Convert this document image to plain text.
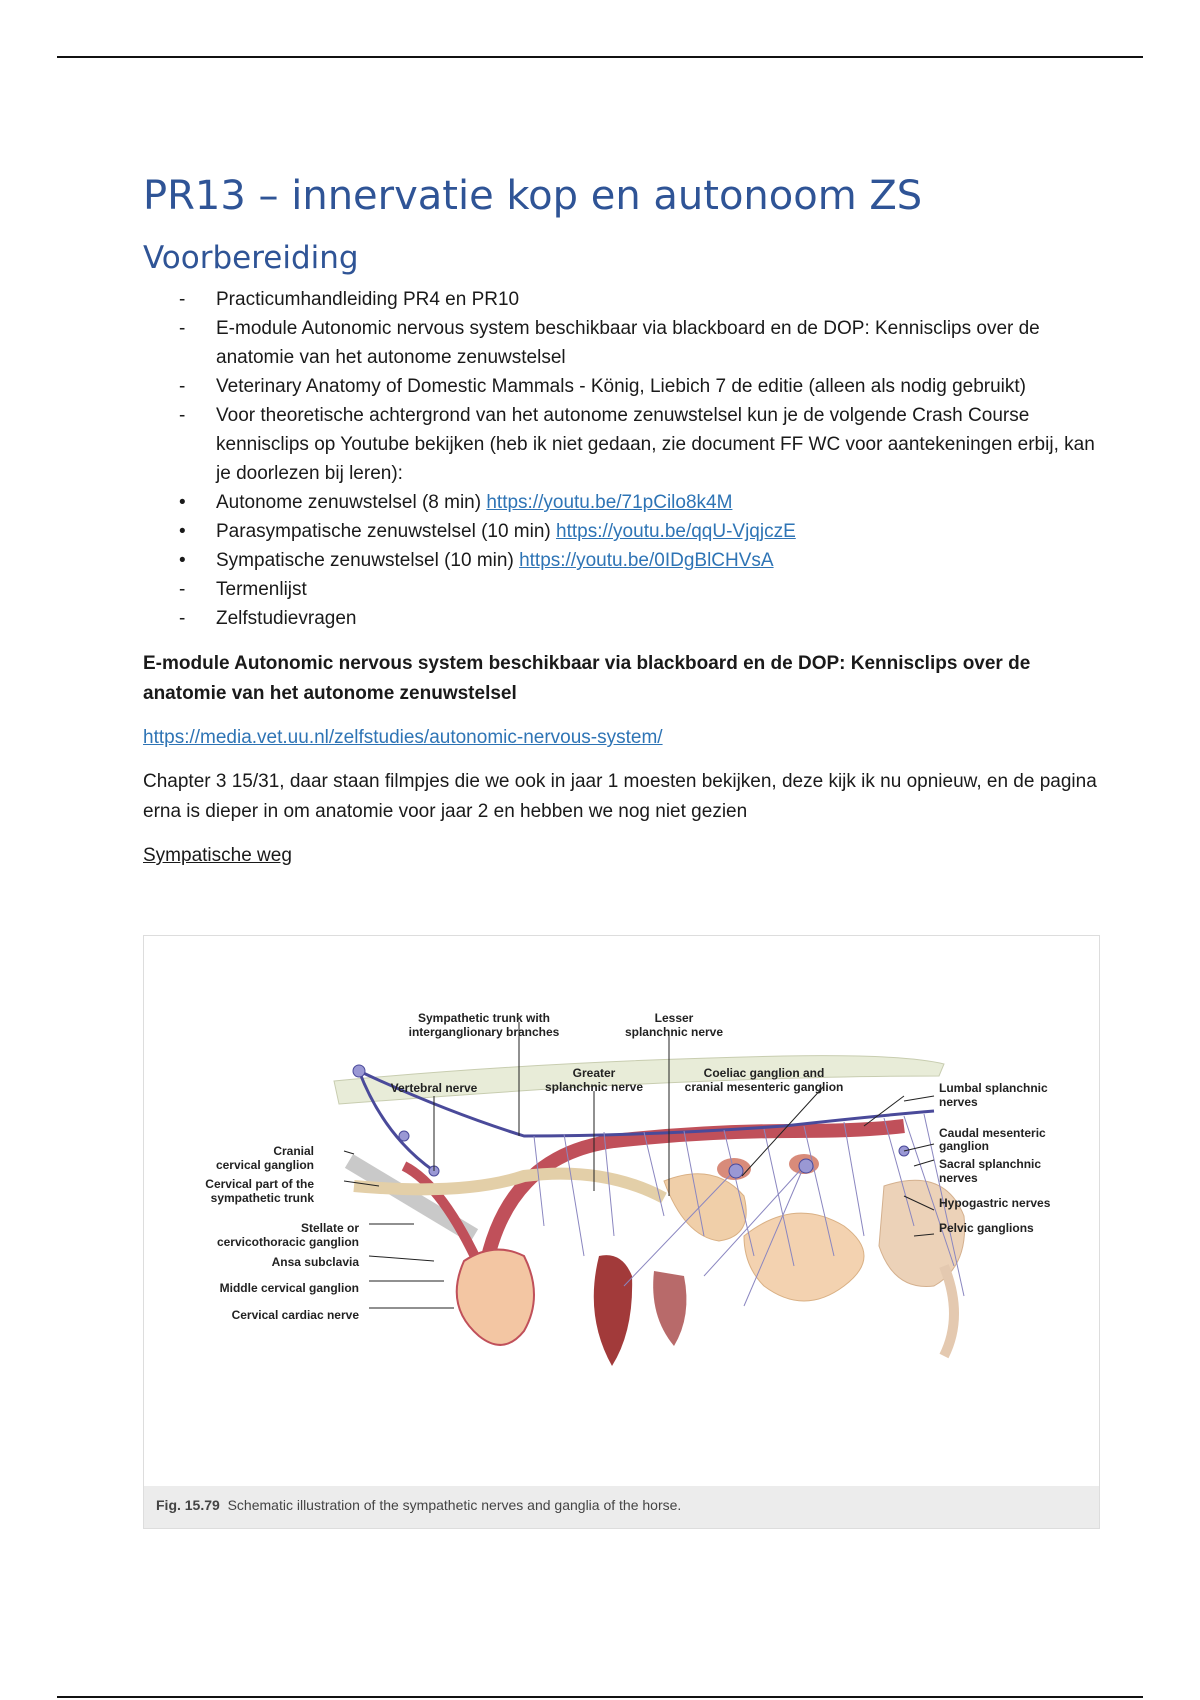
PR13 – innervatie kop en autonoom ZS
Voorbereiding
-	Practicumhandleiding PR4 en PR10
-	E-module Autonomic nervous system beschikbaar via blackboard en de DOP: Kennisclips over de anatomie van het autonome zenuwstelsel
-	Veterinary Anatomy of Domestic Mammals - König, Liebich 7 de editie (alleen als nodig gebruikt)
-	Voor theoretische achtergrond van het autonome zenuwstelsel kun je de volgende Crash Course kennisclips op Youtube bekijken (heb ik niet gedaan, zie document FF WC voor aantekeningen erbij, kan je doorlezen bij leren):
•	Autonome zenuwstelsel (8 min) https://youtu.be/71pCilo8k4M
•	Parasympatische zenuwstelsel (10 min) https://youtu.be/qqU-VjqjczE
•	Sympatische zenuwstelsel (10 min) https://youtu.be/0IDgBlCHVsA
-	Termenlijst
-	Zelfstudievragen

E-module Autonomic nervous system beschikbaar via blackboard en de DOP: Kennisclips over de anatomie van het autonome zenuwstelsel

https://media.vet.uu.nl/zelfstudies/autonomic-nervous-system/

Chapter 3 15/31, daar staan filmpjes die we ook in jaar 1 moesten bekijken, deze kijk ik nu opnieuw, en de pagina erna is dieper in om anatomie voor jaar 2 en hebben we nog niet gezien

Sympatische weg

Sympathetic trunk with
interganglionary branches
Lesser
splanchnic nerve
Vertebral nerve
Greater
splanchnic nerve
Coeliac ganglion and
cranial mesenteric ganglion	Lumbal splanchnic
nerves
Caudal mesenteric
ganglion
Sacral splanchnic
nerves
Hypogastric nerves
Pelvic ganglions
Cranial
cervical ganglion
Cervical part of the
sympathetic trunk
Stellate or
cervicothoracic ganglion
Ansa subclavia
Middle cervical ganglion
Cervical cardiac nerve
Fig. 15.79 Schematic illustration of the sympathetic nerves and ganglia of the horse.
